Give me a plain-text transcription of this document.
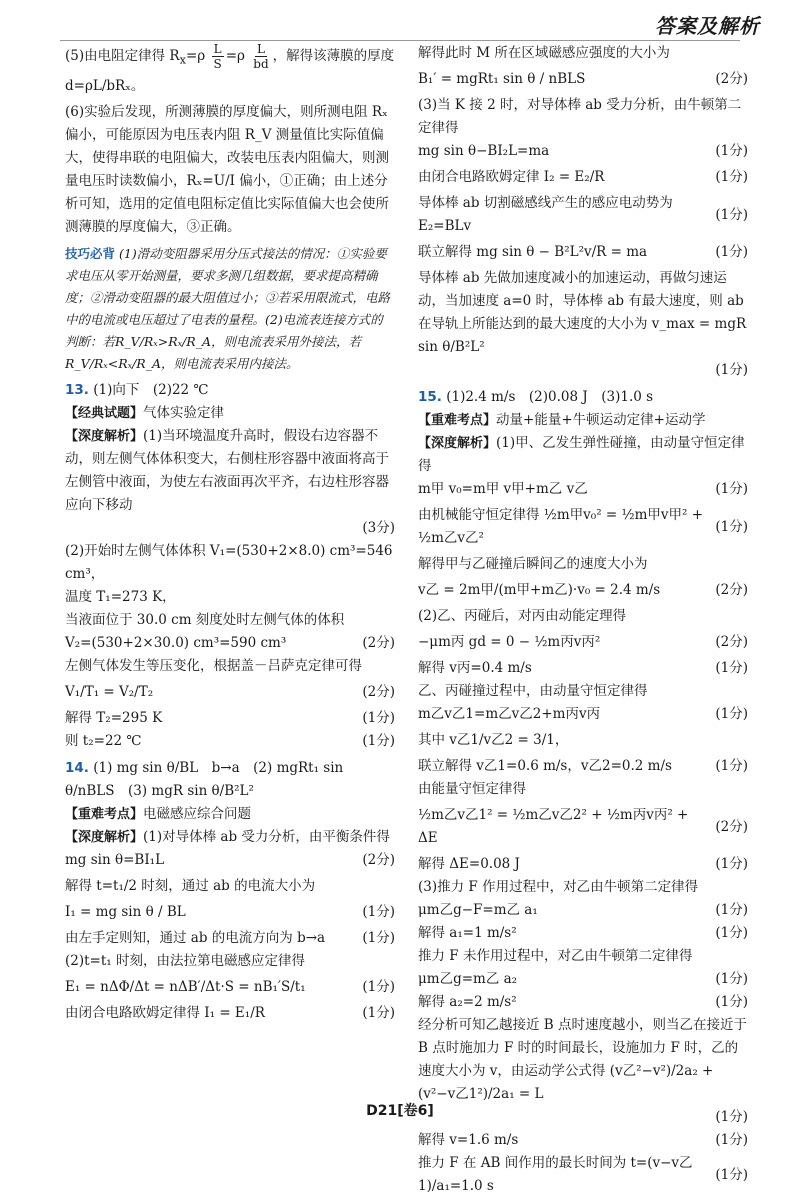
答案及解析

(5)由电阻定律得 $R_x=\rho \frac{L}{S} =\rho \frac{L}{bd}$ ，解得该薄膜的厚度

d=ρL/bRₓ。

(6)实验后发现，所测薄膜的厚度偏大，则所测电阻 Rₓ 偏小，可能原因为电压表内阻 R_V 测量值比实际值偏大，使得串联的电阻偏大，改装电压表内阻偏大，则测量电压时读数偏小，Rₓ=U/I 偏小，①正确；由上述分析可知，选用的定值电阻标定值比实际值偏大也会使所测薄膜的厚度偏大，③正确。

技巧必背 (1)滑动变阻器采用分压式接法的情况：①实验要求电压从零开始测量，要求多测几组数据，要求提高精确度；②滑动变阻器的最大阻值过小；③若采用限流式，电路中的电流或电压超过了电表的量程。(2)电流表连接方式的判断：若R_V/Rₓ>Rₓ/R_A，则电流表采用外接法，若R_V/Rₓ<Rₓ/R_A，则电流表采用内接法。

13. (1)向下　(2)22 ℃

【经典试题】气体实验定律

【深度解析】(1)当环境温度升高时，假设右边容器不动，则左侧气体体积变大，右侧柱形容器中液面将高于左侧管中液面，为使左右液面再次平齐，右边柱形容器应向下移动

(3分)

(2)开始时左侧气体体积 V₁=(530+2×8.0) cm³=546 cm³，

温度 T₁=273 K，

当液面位于 30.0 cm 刻度处时左侧气体的体积

V₂=(530+2×30.0) cm³=590 cm³	(2分)

左侧气体发生等压变化，根据盖－吕萨克定律可得

V₁/T₁ = V₂/T₂	(2分)
解得 T₂=295 K	(1分)
则 t₂=22 ℃	(1分)

14. (1) mg sin θ/BL　b→a　(2) mgRt₁ sin θ/nBLS　(3) mgR sin θ/B²L²

【重难考点】电磁感应综合问题

【深度解析】(1)对导体棒 ab 受力分析，由平衡条件得

mg sin θ=BI₁L	(2分)

解得 t=t₁/2 时刻，通过 ab 的电流大小为

I₁ = mg sin θ / BL	(1分)
由左手定则知，通过 ab 的电流方向为 b→a	(1分)

(2)t=t₁ 时刻，由法拉第电磁感应定律得

E₁ = nΔΦ/Δt = nΔB′/Δt·S = nB₁′S/t₁	(1分)
由闭合电路欧姆定律得 I₁ = E₁/R	(1分)

解得此时 M 所在区域磁感应强度的大小为

B₁′ = mgRt₁ sin θ / nBLS	(2分)

(3)当 K 接 2 时，对导体棒 ab 受力分析，由牛顿第二定律得

mg sin θ−BI₂L=ma	(1分)
由闭合电路欧姆定律 I₂ = E₂/R	(1分)
导体棒 ab 切割磁感线产生的感应电动势为 E₂=BLv
(1分)
联立解得 mg sin θ − B²L²v/R = ma	(1分)

导体棒 ab 先做加速度减小的加速运动，再做匀速运动，当加速度 a=0 时，导体棒 ab 有最大速度，则 ab 在导轨上所能达到的最大速度的大小为 v_max = mgR sin θ/B²L²

(1分)

15. (1)2.4 m/s　(2)0.08 J　(3)1.0 s

【重难考点】动量+能量+牛顿运动定律+运动学

【深度解析】(1)甲、乙发生弹性碰撞，由动量守恒定律得

m甲 v₀=m甲 v甲+m乙 v乙	(1分)
由机械能守恒定律得 ½m甲v₀² = ½m甲v甲² + ½m乙v乙²
(1分)

解得甲与乙碰撞后瞬间乙的速度大小为

v乙 = 2m甲/(m甲+m乙)·v₀ = 2.4 m/s	(2分)

(2)乙、丙碰后，对丙由动能定理得

−μm丙 gd = 0 − ½m丙v丙²	(2分)
解得 v丙=0.4 m/s	(1分)

乙、丙碰撞过程中，由动量守恒定律得

m乙v乙1=m乙v乙2+m丙v丙	(1分)

其中 v乙1/v乙2 = 3/1，

联立解得 v乙1=0.6 m/s，v乙2=0.2 m/s	(1分)

由能量守恒定律得

½m乙v乙1² = ½m乙v乙2² + ½m丙v丙² + ΔE
(2分)
解得 ΔE=0.08 J	(1分)

(3)推力 F 作用过程中，对乙由牛顿第二定律得

μm乙g−F=m乙 a₁	(1分)
解得 a₁=1 m/s²	(1分)

推力 F 未作用过程中，对乙由牛顿第二定律得

μm乙g=m乙 a₂	(1分)
解得 a₂=2 m/s²	(1分)

经分析可知乙越接近 B 点时速度越小，则当乙在接近于 B 点时施加力 F 时的时间最长，设施加力 F 时，乙的速度大小为 v，由运动学公式得 (v乙²−v²)/2a₂ + (v²−v乙1²)/2a₁ = L

(1分)
解得 v=1.6 m/s	(1分)
推力 F 在 AB 间作用的最长时间为 t=(v−v乙1)/a₁=1.0 s
(1分)
D21[卷6]
